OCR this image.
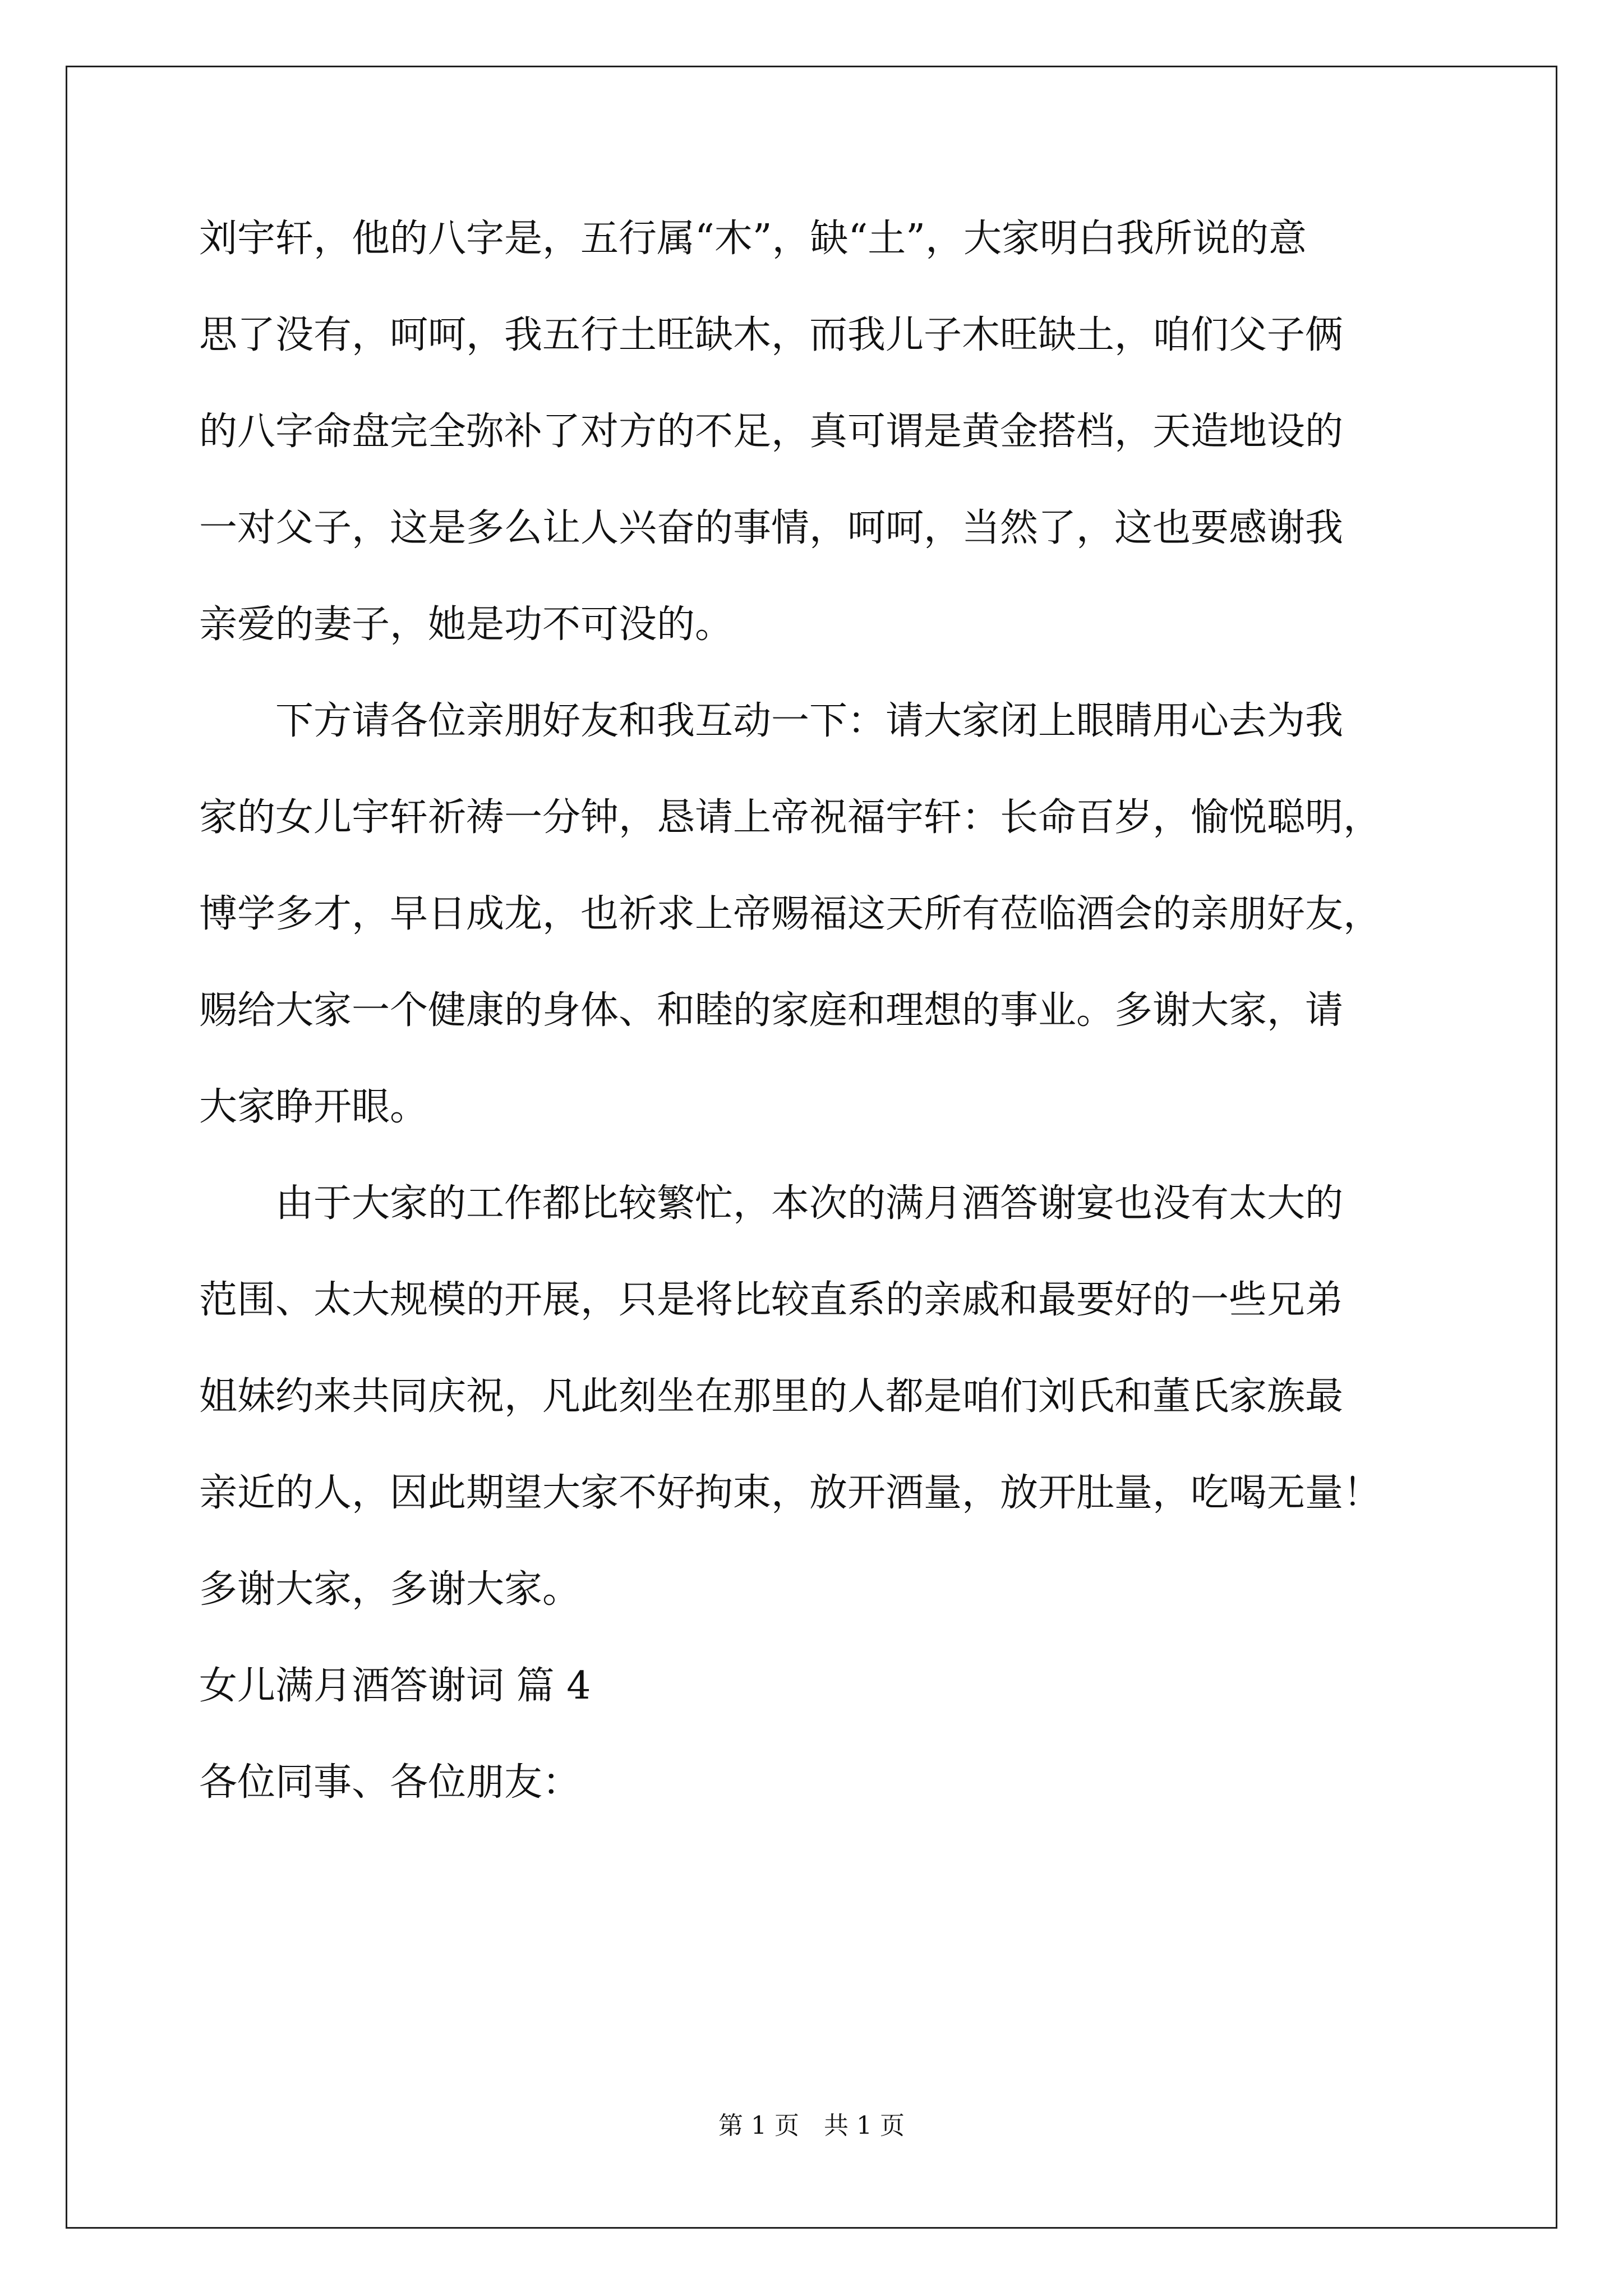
刘宇轩，他的八字是，五行属“木”，缺“土”，大家明白我所说的意
思了没有，呵呵，我五行土旺缺木，而我儿子木旺缺土，咱们父子俩
的八字命盘完全弥补了对方的不足，真可谓是黄金搭档，天造地设的
一对父子，这是多么让人兴奋的事情，呵呵，当然了，这也要感谢我
亲爱的妻子，她是功不可没的。
下方请各位亲朋好友和我互动一下：请大家闭上眼睛用心去为我
家的女儿宇轩祈祷一分钟，恳请上帝祝福宇轩：长命百岁，愉悦聪明，
博学多才，早日成龙，也祈求上帝赐福这天所有莅临酒会的亲朋好友，
赐给大家一个健康的身体、和睦的家庭和理想的事业。多谢大家，请
大家睁开眼。
由于大家的工作都比较繁忙，本次的满月酒答谢宴也没有太大的
范围、太大规模的开展，只是将比较直系的亲戚和最要好的一些兄弟
姐妹约来共同庆祝，凡此刻坐在那里的人都是咱们刘氏和董氏家族最
亲近的人，因此期望大家不好拘束，放开酒量，放开肚量，吃喝无量！
多谢大家，多谢大家。
女儿满月酒答谢词 篇 4
各位同事、各位朋友：
第 1 页 共 1 页
